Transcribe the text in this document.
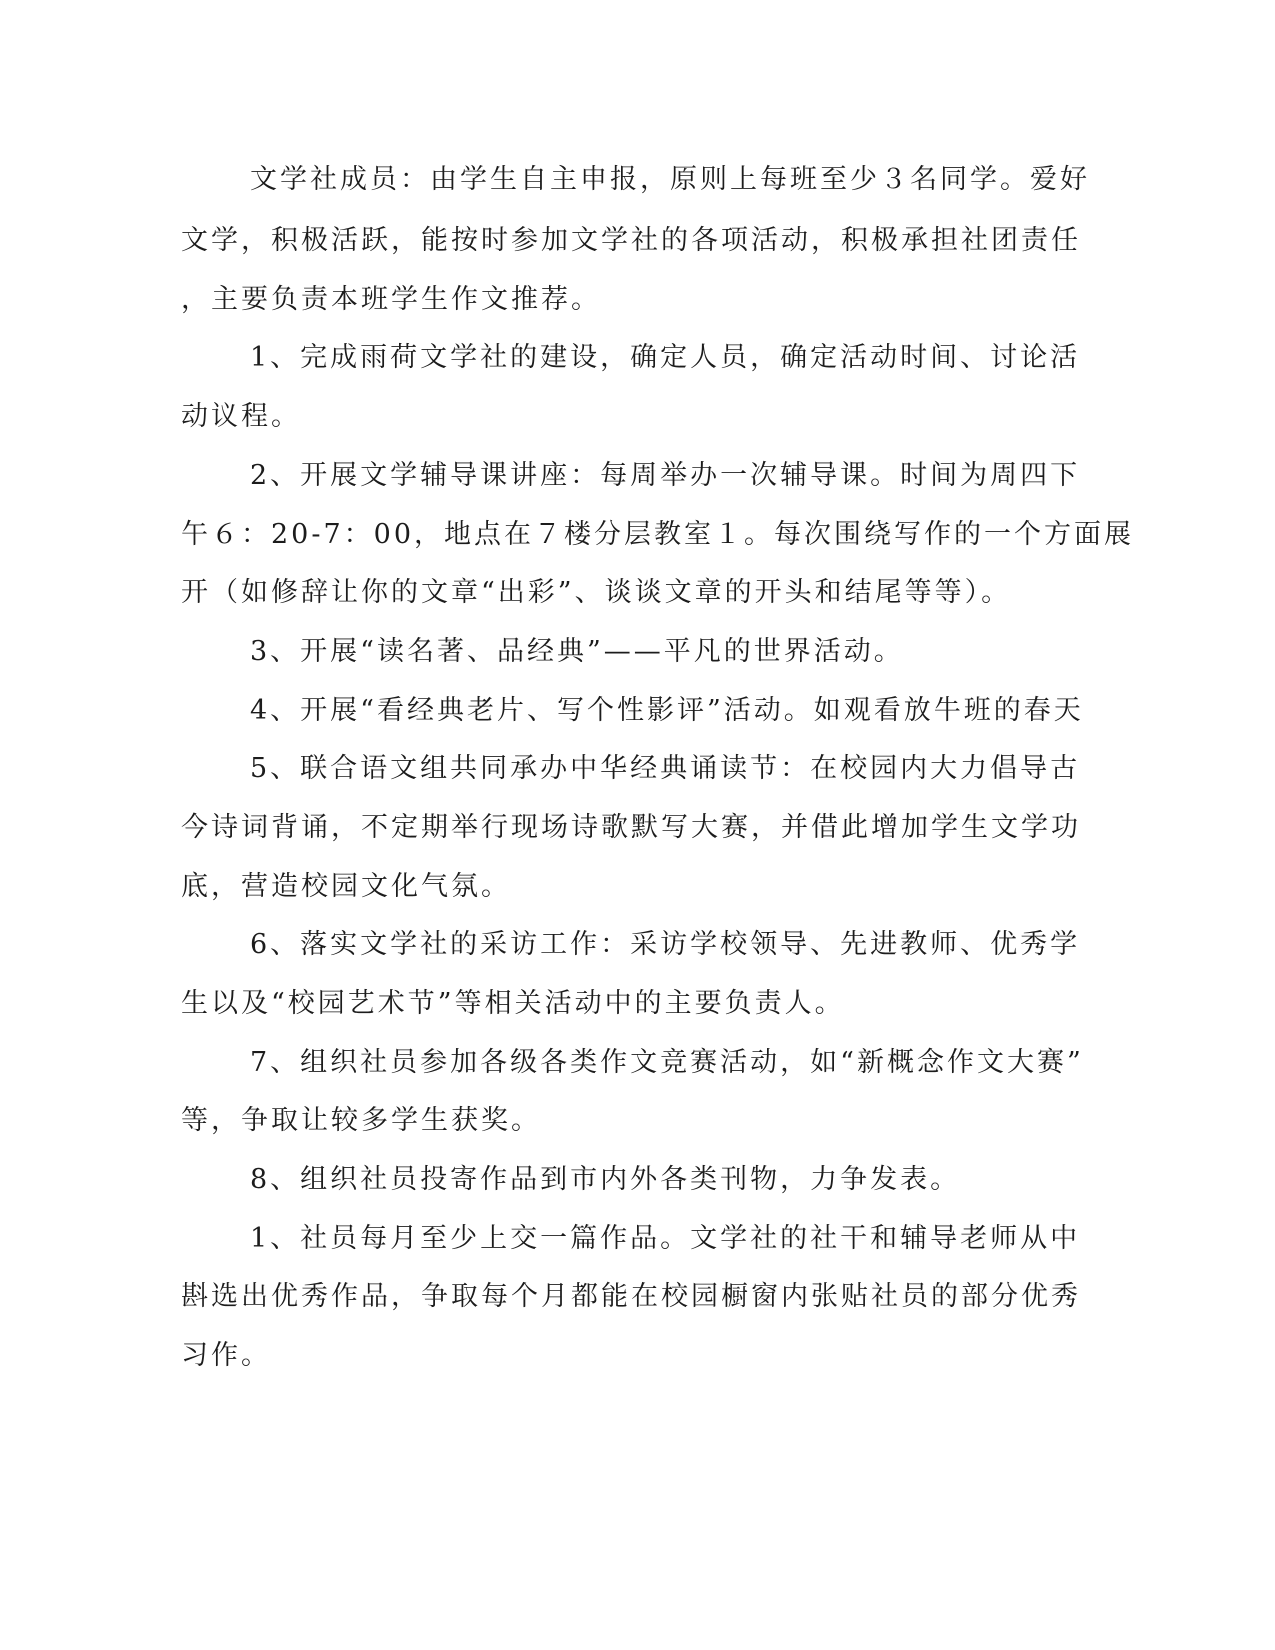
文学社成员：由学生自主申报，原则上每班至少３名同学。爱好
文学，积极活跃，能按时参加文学社的各项活动，积极承担社团责任
，主要负责本班学生作文推荐。
1、完成雨荷文学社的建设，确定人员，确定活动时间、讨论活
动议程。
2、开展文学辅导课讲座：每周举办一次辅导课。时间为周四下
午６：20-7：00，地点在７楼分层教室１。每次围绕写作的一个方面展
开（如修辞让你的文章“出彩”、谈谈文章的开头和结尾等等）。
3、开展“读名著、品经典”——平凡的世界活动。
4、开展“看经典老片、写个性影评”活动。如观看放牛班的春天
5、联合语文组共同承办中华经典诵读节：在校园内大力倡导古
今诗词背诵，不定期举行现场诗歌默写大赛，并借此增加学生文学功
底，营造校园文化气氛。
6、落实文学社的采访工作：采访学校领导、先进教师、优秀学
生以及“校园艺术节”等相关活动中的主要负责人。
7、组织社员参加各级各类作文竞赛活动，如“新概念作文大赛”
等，争取让较多学生获奖。
8、组织社员投寄作品到市内外各类刊物，力争发表。
1、社员每月至少上交一篇作品。文学社的社干和辅导老师从中
斟选出优秀作品，争取每个月都能在校园橱窗内张贴社员的部分优秀
习作。
